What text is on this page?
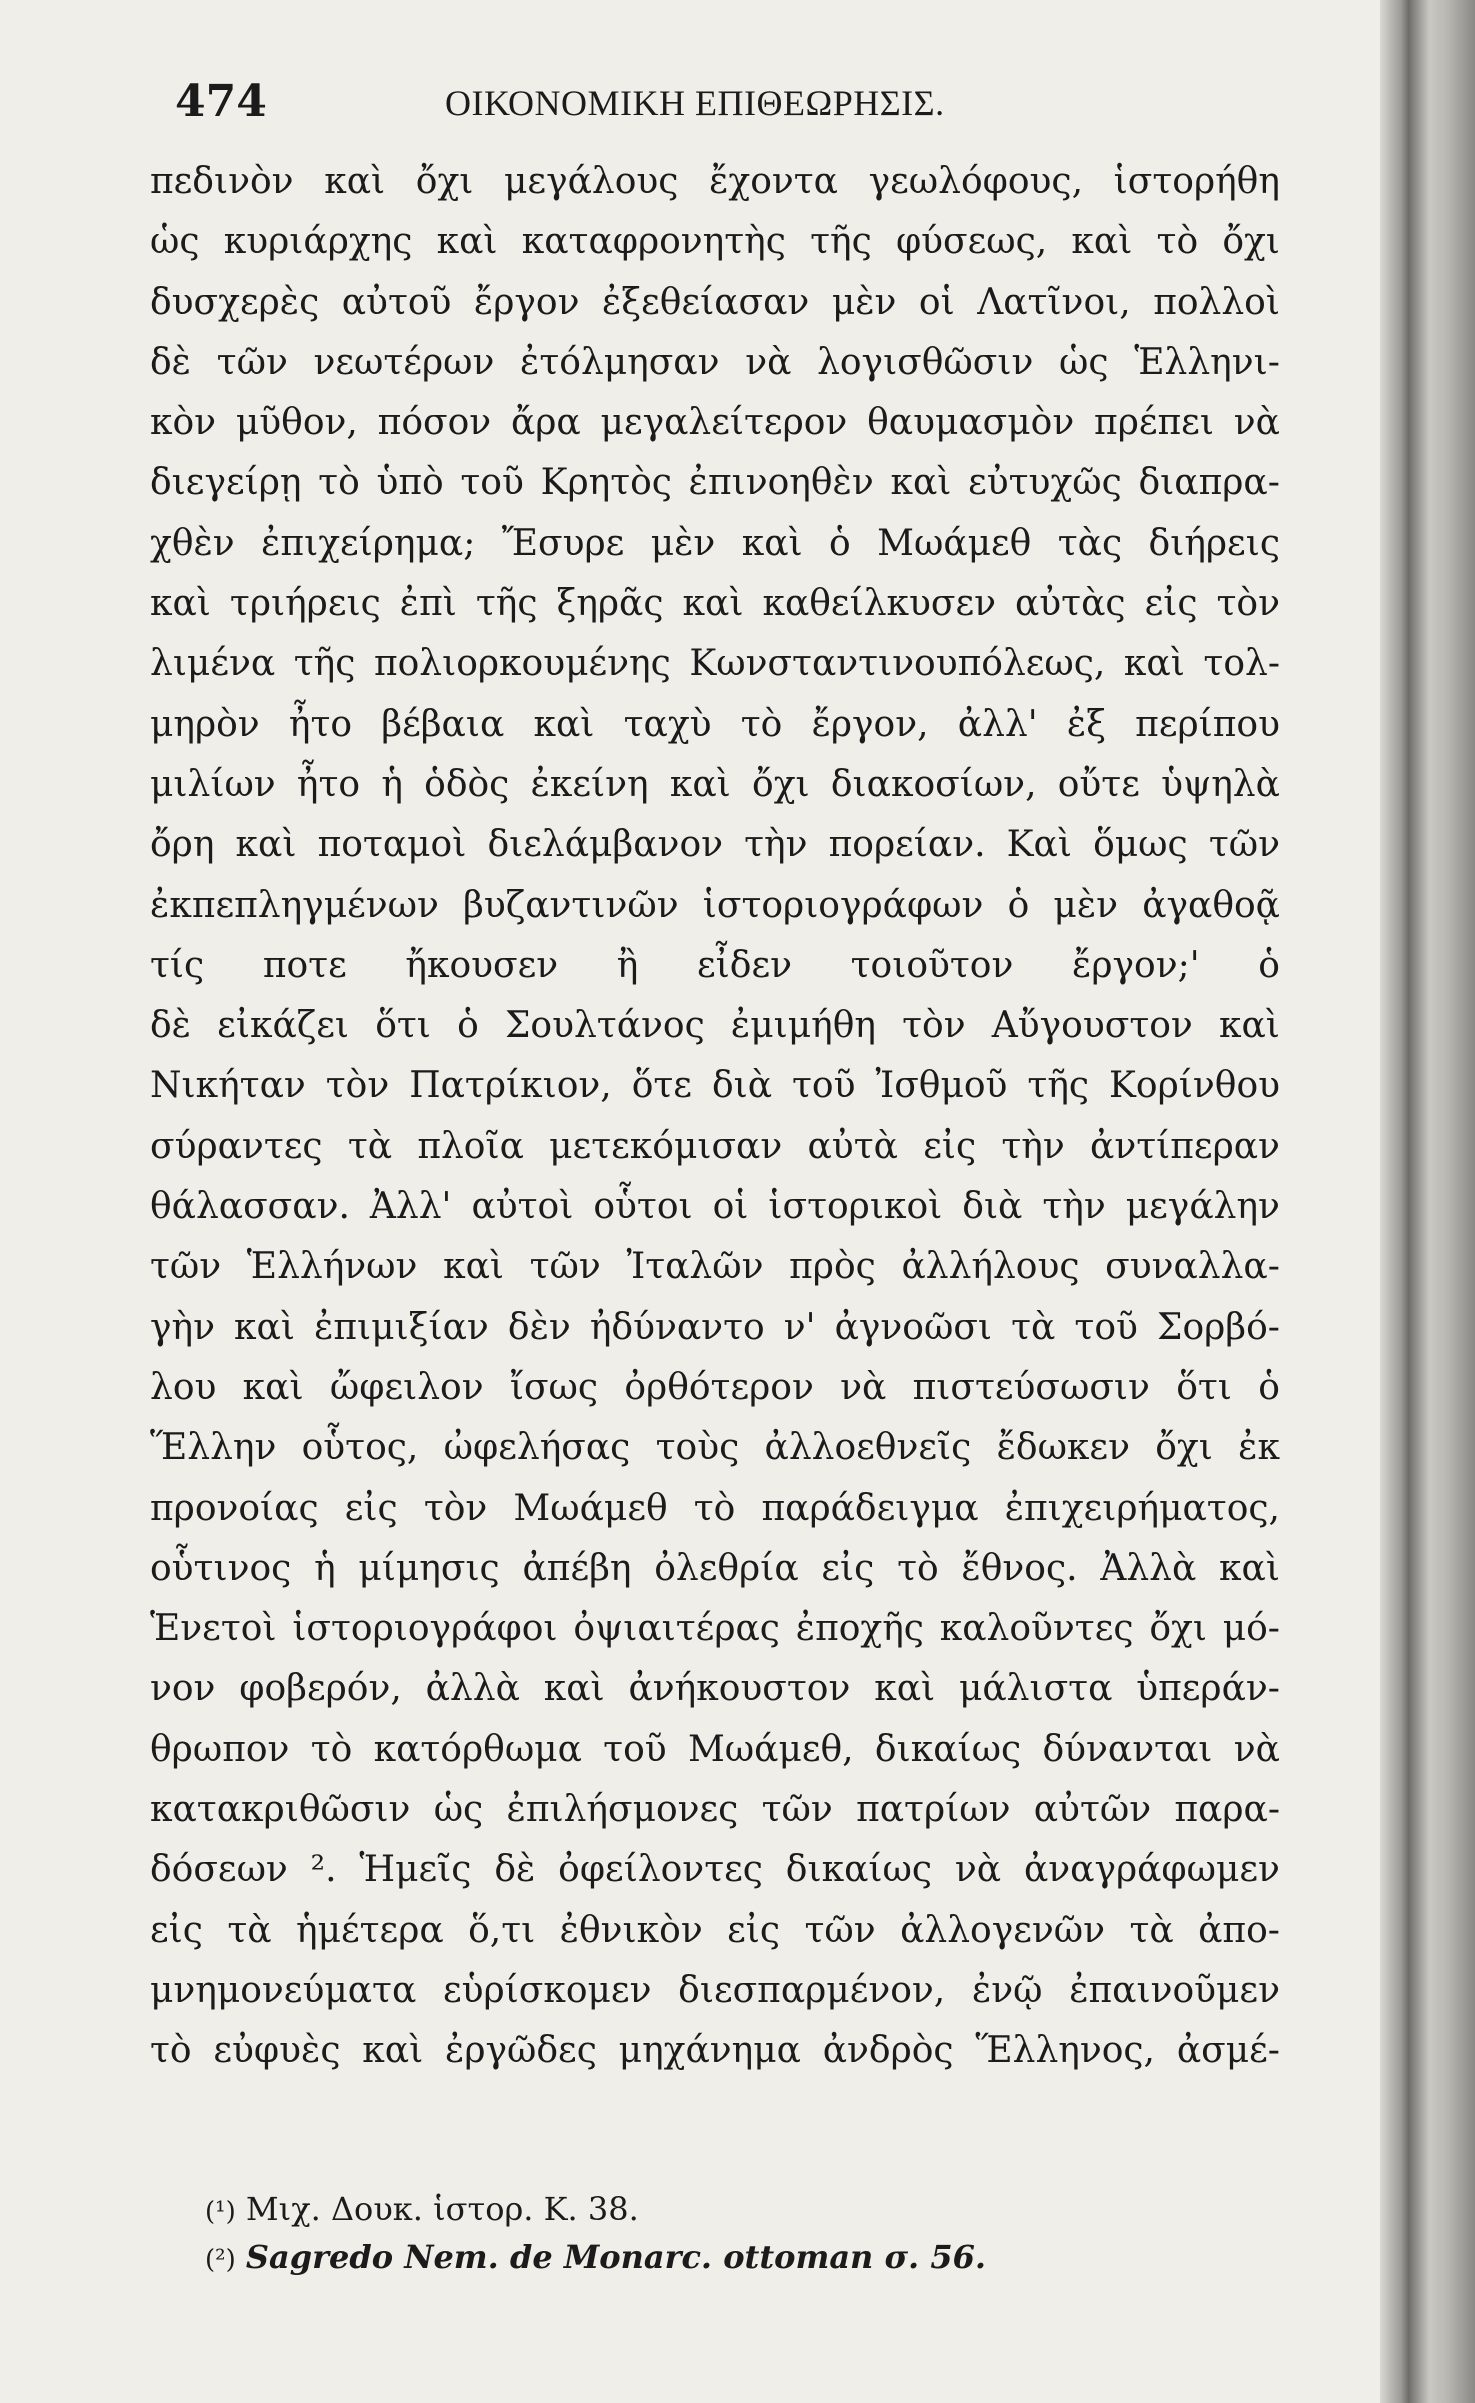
474	ΟΙΚΟΝΟΜΙΚΗ ΕΠΙΘΕΩΡΗΣΙΣ.
πεδινὸν καὶ ὄχι μεγάλους ἔχοντα γεωλόφους, ἱστορήθη
ὡς κυριάρχης καὶ καταφρονητὴς τῆς φύσεως, καὶ τὸ ὄχι
δυσχερὲς αὐτοῦ ἔργον ἐξεθείασαν μὲν οἱ Λατῖνοι, πολλοὶ
δὲ τῶν νεωτέρων ἐτόλμησαν νὰ λογισθῶσιν ὡς Ἑλληνι-
κὸν μῦθον, πόσον ἄρα μεγαλείτερον θαυμασμὸν πρέπει νὰ
διεγείρῃ τὸ ὑπὸ τοῦ Κρητὸς ἐπινοηθὲν καὶ εὐτυχῶς διαπρα-
χθὲν ἐπιχείρημα; Ἔσυρε μὲν καὶ ὁ Μωάμεθ τὰς διήρεις
καὶ τριήρεις ἐπὶ τῆς ξηρᾶς καὶ καθείλκυσεν αὐτὰς εἰς τὸν
λιμένα τῆς πολιορκουμένης Κωνσταντινουπόλεως, καὶ τολ-
μηρὸν ἦτο βέβαια καὶ ταχὺ τὸ ἔργον, ἀλλ' ἐξ περίπου
μιλίων ἦτο ἡ ὁδὸς ἐκείνη καὶ ὄχι διακοσίων, οὔτε ὑψηλὰ
ὄρη καὶ ποταμοὶ διελάμβανον τὴν πορείαν. Καὶ ὅμως τῶν
ἐκπεπληγμένων βυζαντινῶν ἱστοριογράφων ὁ μὲν ἀγαθοᾷ
τίς ποτε ἤκουσεν ἢ εἶδεν τοιοῦτον ἔργον;' ὁ
δὲ εἰκάζει ὅτι ὁ Σουλτάνος ἐμιμήθη τὸν Αὔγουστον καὶ
Νικήταν τὸν Πατρίκιον, ὅτε διὰ τοῦ Ἰσθμοῦ τῆς Κορίνθου
σύραντες τὰ πλοῖα μετεκόμισαν αὐτὰ εἰς τὴν ἀντίπεραν
θάλασσαν. Ἀλλ' αὐτοὶ οὗτοι οἱ ἱστορικοὶ διὰ τὴν μεγάλην
τῶν Ἑλλήνων καὶ τῶν Ἰταλῶν πρὸς ἀλλήλους συναλλα-
γὴν καὶ ἐπιμιξίαν δὲν ἠδύναντο ν' ἀγνοῶσι τὰ τοῦ Σορβό-
λου καὶ ὤφειλον ἴσως ὀρθότερον νὰ πιστεύσωσιν ὅτι ὁ
Ἕλλην οὗτος, ὠφελήσας τοὺς ἀλλοεθνεῖς ἔδωκεν ὄχι ἐκ
προνοίας εἰς τὸν Μωάμεθ τὸ παράδειγμα ἐπιχειρήματος,
οὗτινος ἡ μίμησις ἀπέβη ὀλεθρία εἰς τὸ ἔθνος. Ἀλλὰ καὶ
Ἑνετοὶ ἱστοριογράφοι ὀψιαιτέρας ἐποχῆς καλοῦντες ὄχι μό-
νον φοβερόν, ἀλλὰ καὶ ἀνήκουστον καὶ μάλιστα ὑπεράν-
θρωπον τὸ κατόρθωμα τοῦ Μωάμεθ, δικαίως δύνανται νὰ
κατακριθῶσιν ὡς ἐπιλήσμονες τῶν πατρίων αὐτῶν παρα-
δόσεων ². Ἡμεῖς δὲ ὀφείλοντες δικαίως νὰ ἀναγράφωμεν
εἰς τὰ ἡμέτερα ὅ,τι ἐθνικὸν εἰς τῶν ἀλλογενῶν τὰ ἀπο-
μνημονεύματα εὑρίσκομεν διεσπαρμένον, ἐνῷ ἐπαινοῦμεν
τὸ εὐφυὲς καὶ ἐργῶδες μηχάνημα ἀνδρὸς Ἕλληνος, ἀσμέ-
(¹) Μιχ. Δουκ. ἱστορ. Κ. 38.
(²) Sagredo Nem. de Monarc. ottoman σ. 56.
